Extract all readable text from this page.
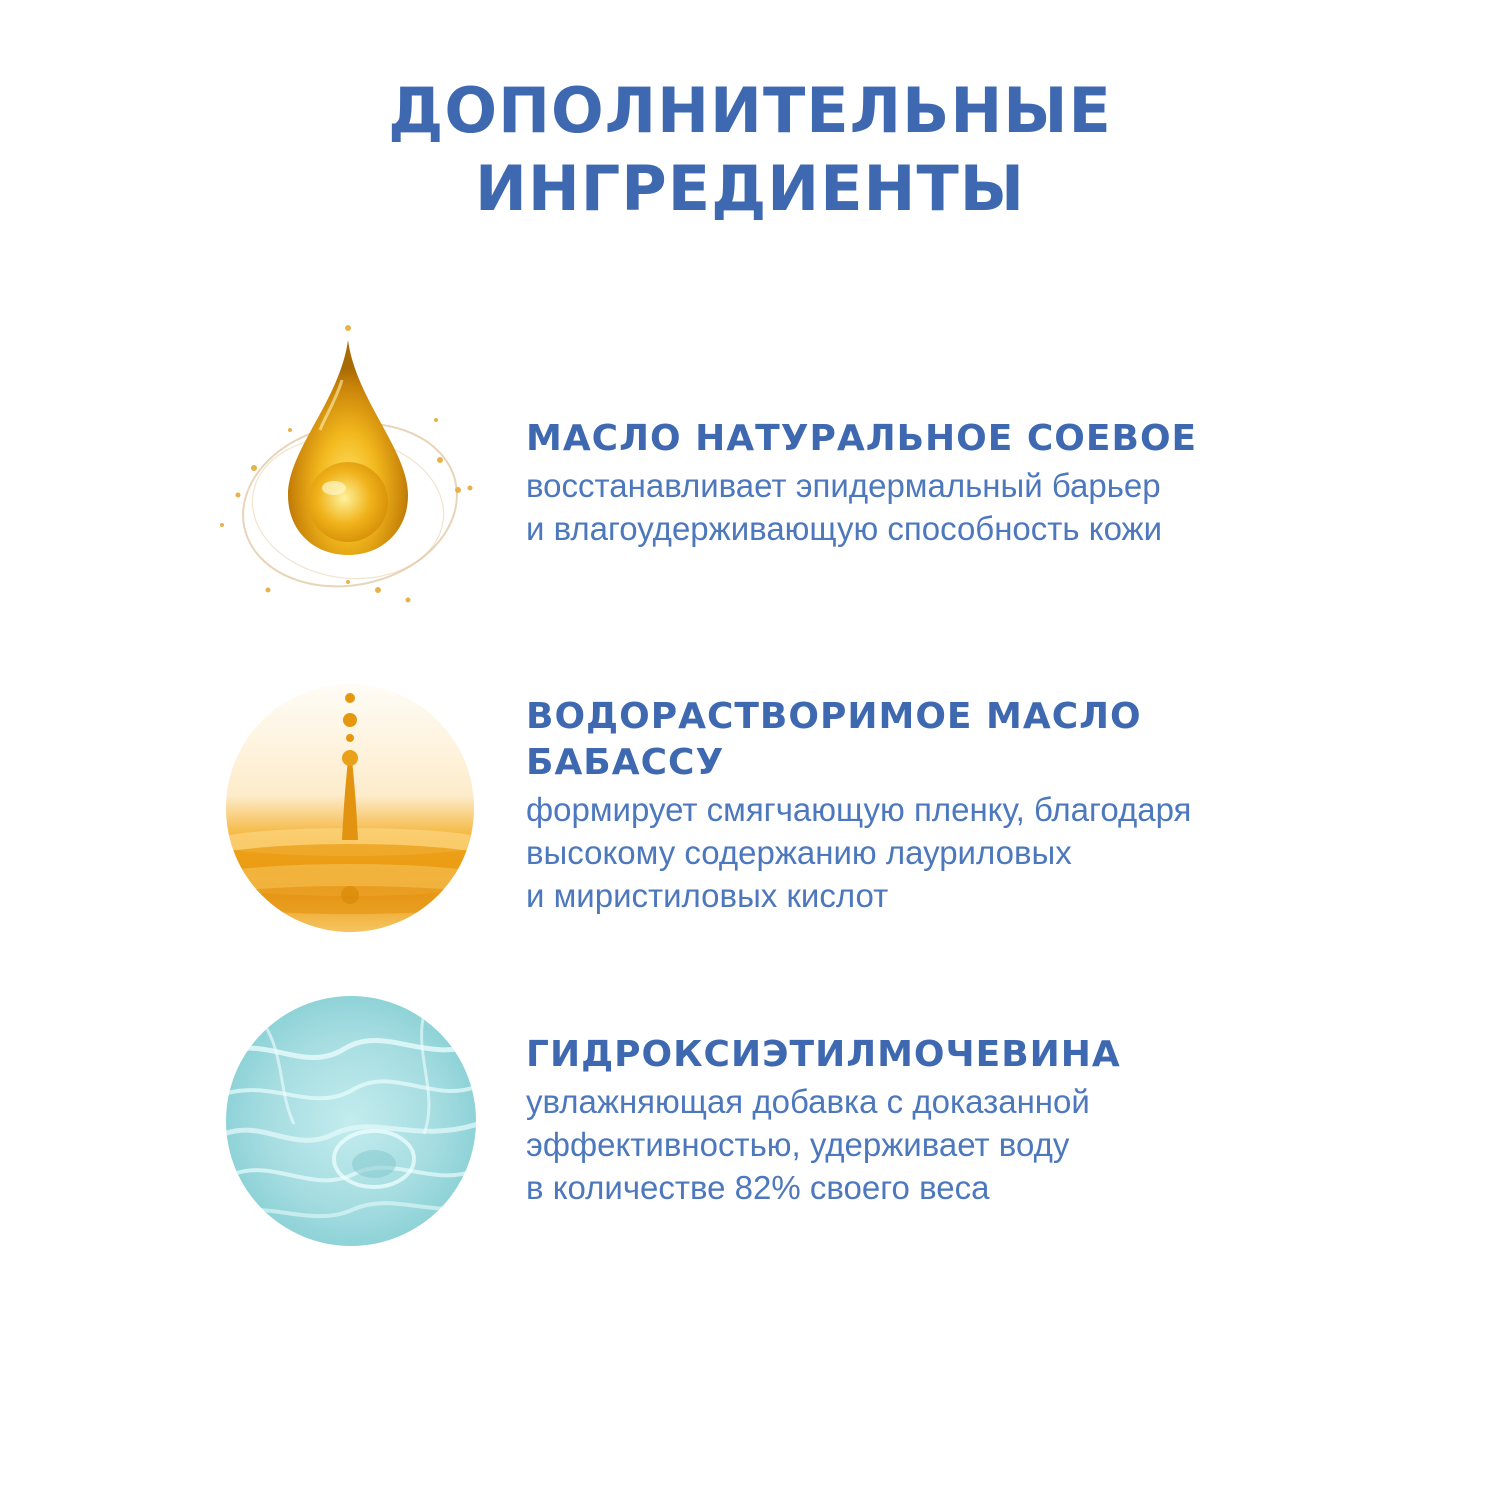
ДОПОЛНИТЕЛЬНЫЕ
ИНГРЕДИЕНТЫ

МАСЛО НАТУРАЛЬНОЕ СОЕВОЕ

восстанавливает эпидермальный барьер
и влагоудерживающую способность кожи

ВОДОРАСТВОРИМОЕ МАСЛО
БАБАССУ

формирует смягчающую пленку, благодаря
высокому содержанию лауриловых
и миристиловых кислот

ГИДРОКСИЭТИЛМОЧЕВИНА

увлажняющая добавка с доказанной
эффективностью, удерживает воду
в количестве 82% своего веса
